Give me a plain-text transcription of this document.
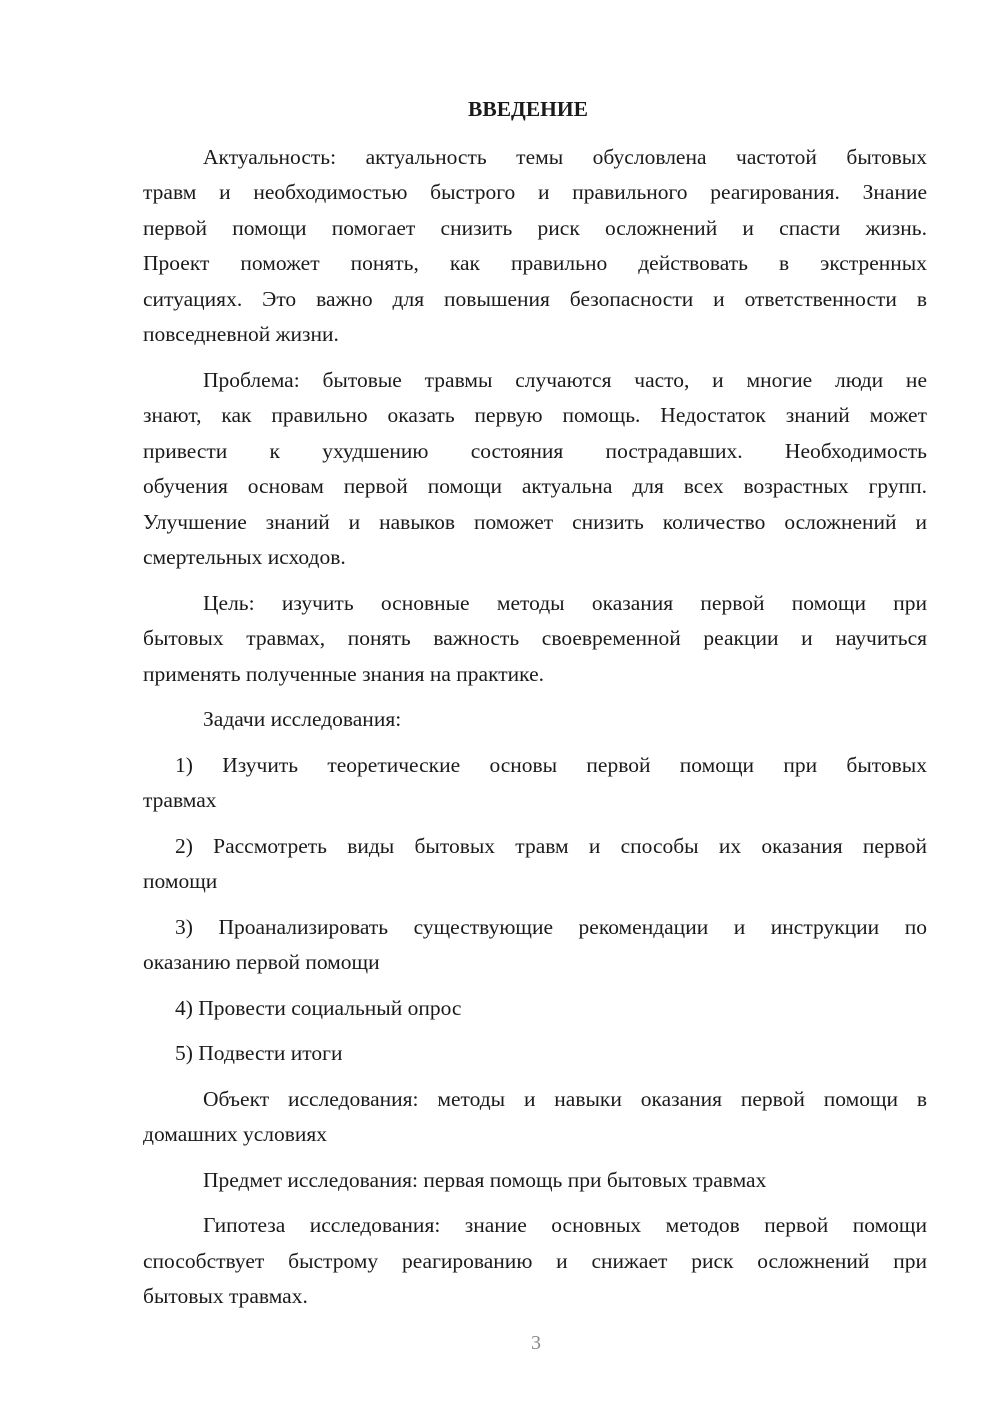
ВВЕДЕНИЕ
Актуальность: актуальность темы обусловлена частотой бытовых
травм и необходимостью быстрого и правильного реагирования. Знание
первой помощи помогает снизить риск осложнений и спасти жизнь.
Проект поможет понять, как правильно действовать в экстренных
ситуациях. Это важно для повышения безопасности и ответственности в
повседневной жизни.
Проблема: бытовые травмы случаются часто, и многие люди не
знают, как правильно оказать первую помощь. Недостаток знаний может
привести к ухудшению состояния пострадавших. Необходимость
обучения основам первой помощи актуальна для всех возрастных групп.
Улучшение знаний и навыков поможет снизить количество осложнений и
смертельных исходов.
Цель: изучить основные методы оказания первой помощи при
бытовых травмах, понять важность своевременной реакции и научиться
применять полученные знания на практике.
Задачи исследования:
1) Изучить теоретические основы первой помощи при бытовых
травмах
2) Рассмотреть виды бытовых травм и способы их оказания первой
помощи
3) Проанализировать существующие рекомендации и инструкции по
оказанию первой помощи
4) Провести социальный опрос
5) Подвести итоги
Объект исследования: методы и навыки оказания первой помощи в
домашних условиях
Предмет исследования: первая помощь при бытовых травмах
Гипотеза исследования: знание основных методов первой помощи
способствует быстрому реагированию и снижает риск осложнений при
бытовых травмах.
3
